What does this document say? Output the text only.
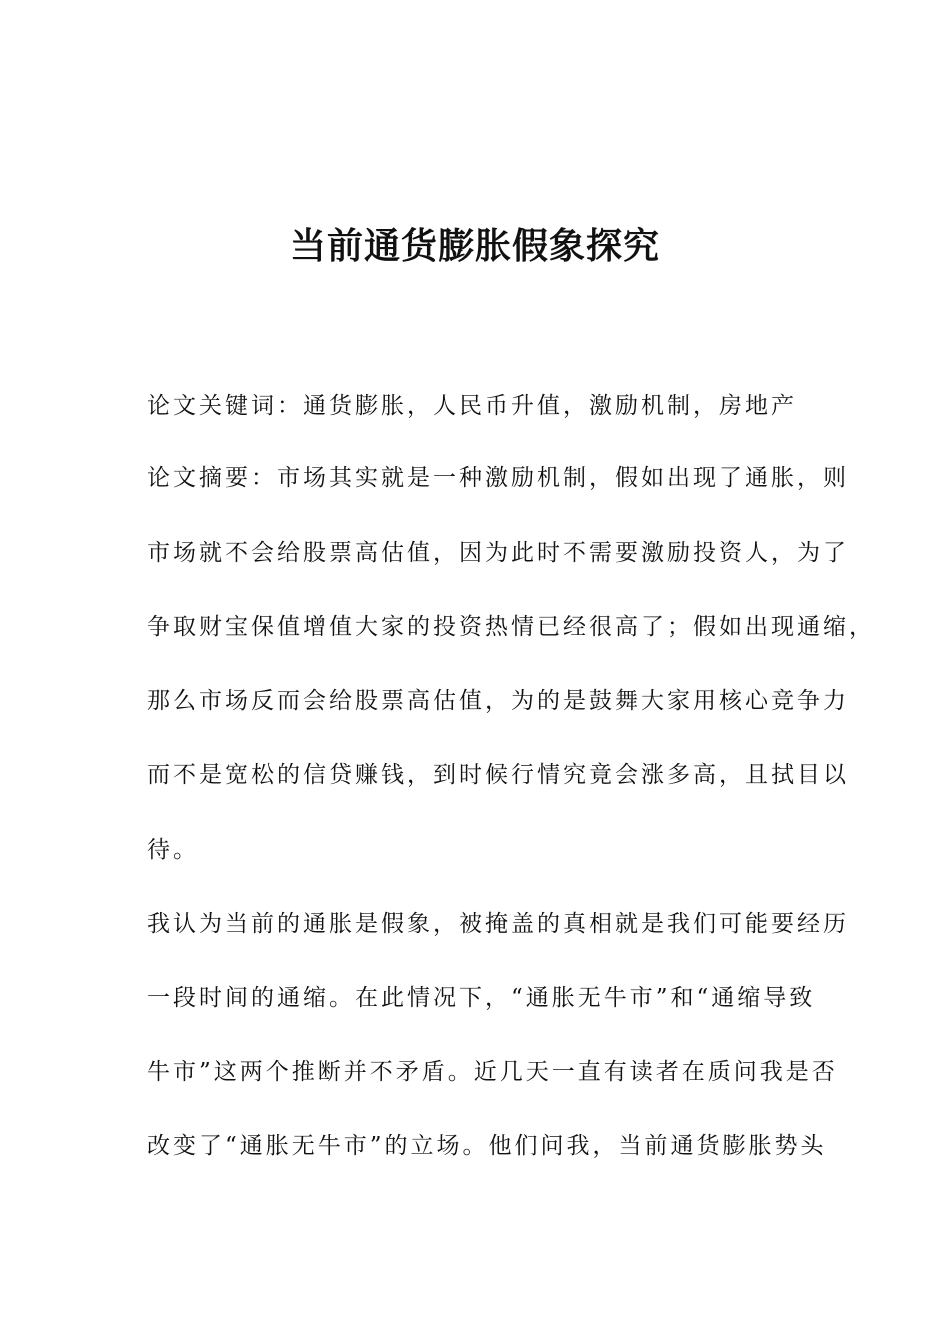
当前通货膨胀假象探究

论文关键词：通货膨胀，人民币升值，激励机制，房地产

论文摘要：市场其实就是一种激励机制，假如出现了通胀，则

市场就不会给股票高估值，因为此时不需要激励投资人，为了

争取财宝保值增值大家的投资热情已经很高了；假如出现通缩，

那么市场反而会给股票高估值，为的是鼓舞大家用核心竞争力

而不是宽松的信贷赚钱，到时候行情究竟会涨多高，且拭目以

待。

我认为当前的通胀是假象，被掩盖的真相就是我们可能要经历

一段时间的通缩。在此情况下，“通胀无牛市”和“通缩导致

牛市”这两个推断并不矛盾。近几天一直有读者在质问我是否

改变了“通胀无牛市”的立场。他们问我，当前通货膨胀势头
